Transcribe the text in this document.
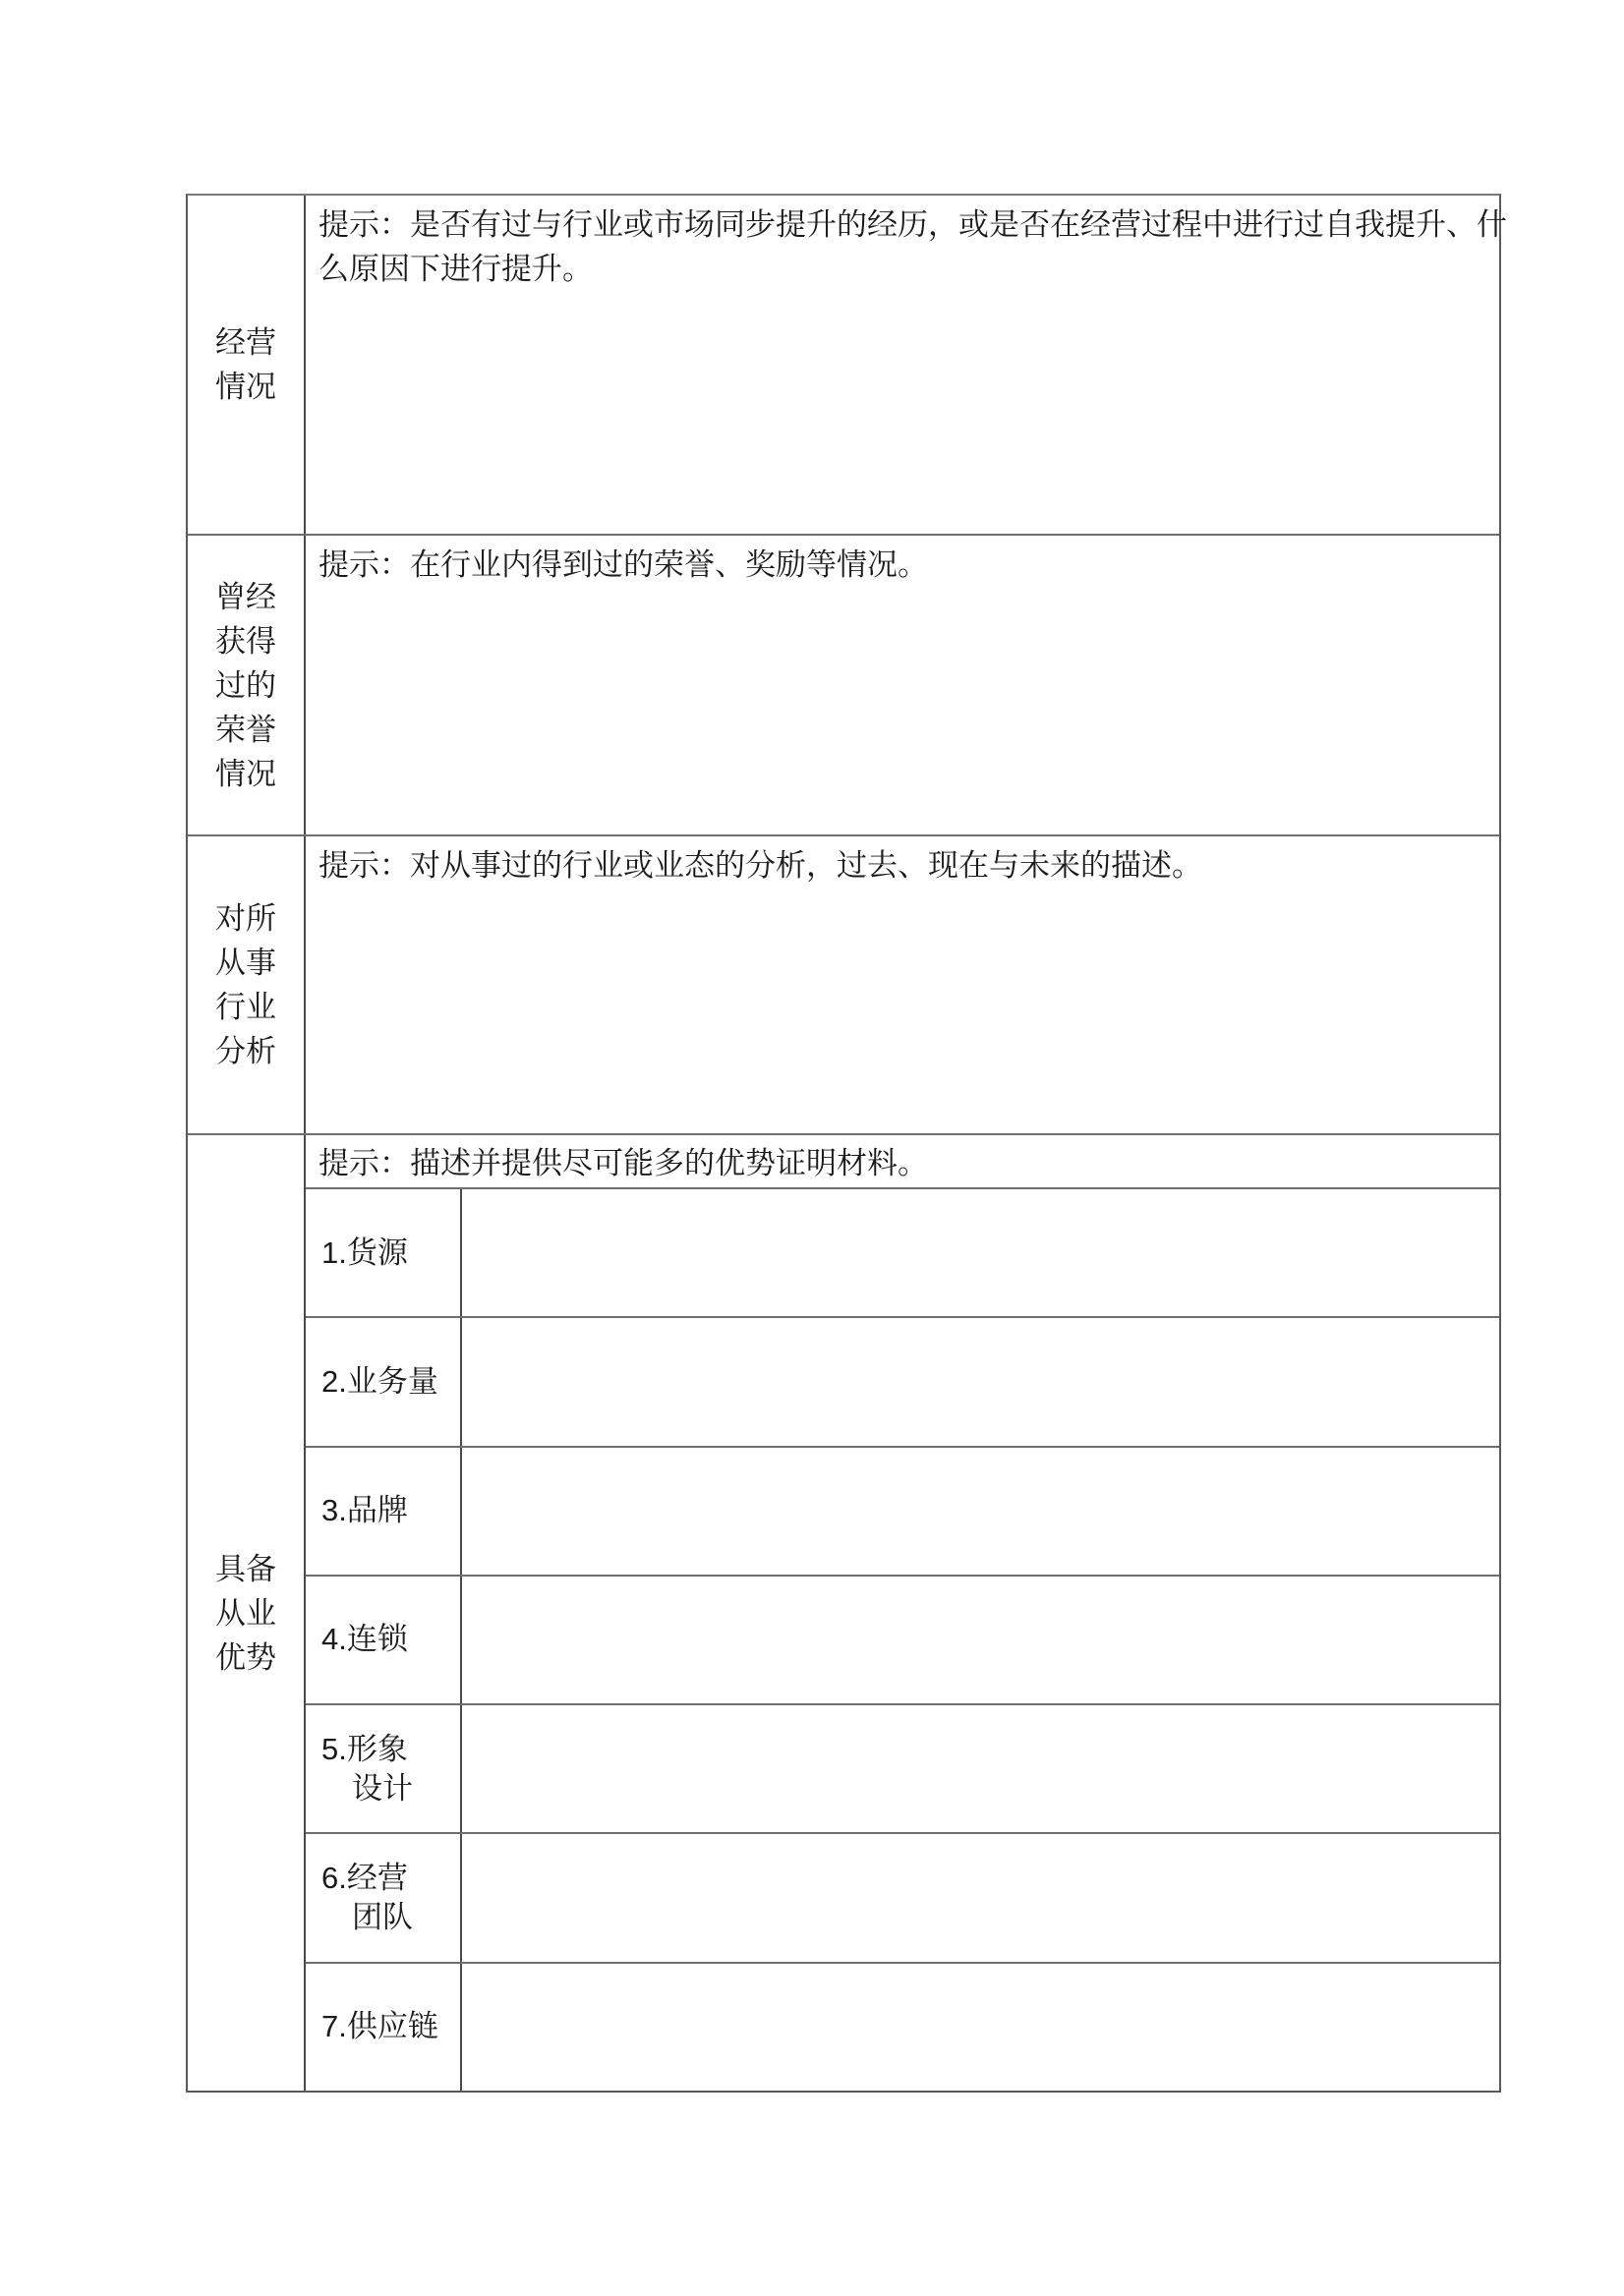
经营
情况
提示：是否有过与行业或市场同步提升的经历，或是否在经营过程中进行过自我提升、什
么原因下进行提升。
曾经
获得
过的
荣誉
情况
提示：在行业内得到过的荣誉、奖励等情况。
对所
从事
行业
分析
提示：对从事过的行业或业态的分析，过去、现在与未来的描述。
具备
从业
优势
提示：描述并提供尽可能多的优势证明材料。
1.货源
2.业务量
3.品牌
4.连锁
5.形象
　设计
6.经营
　团队
7.供应链
